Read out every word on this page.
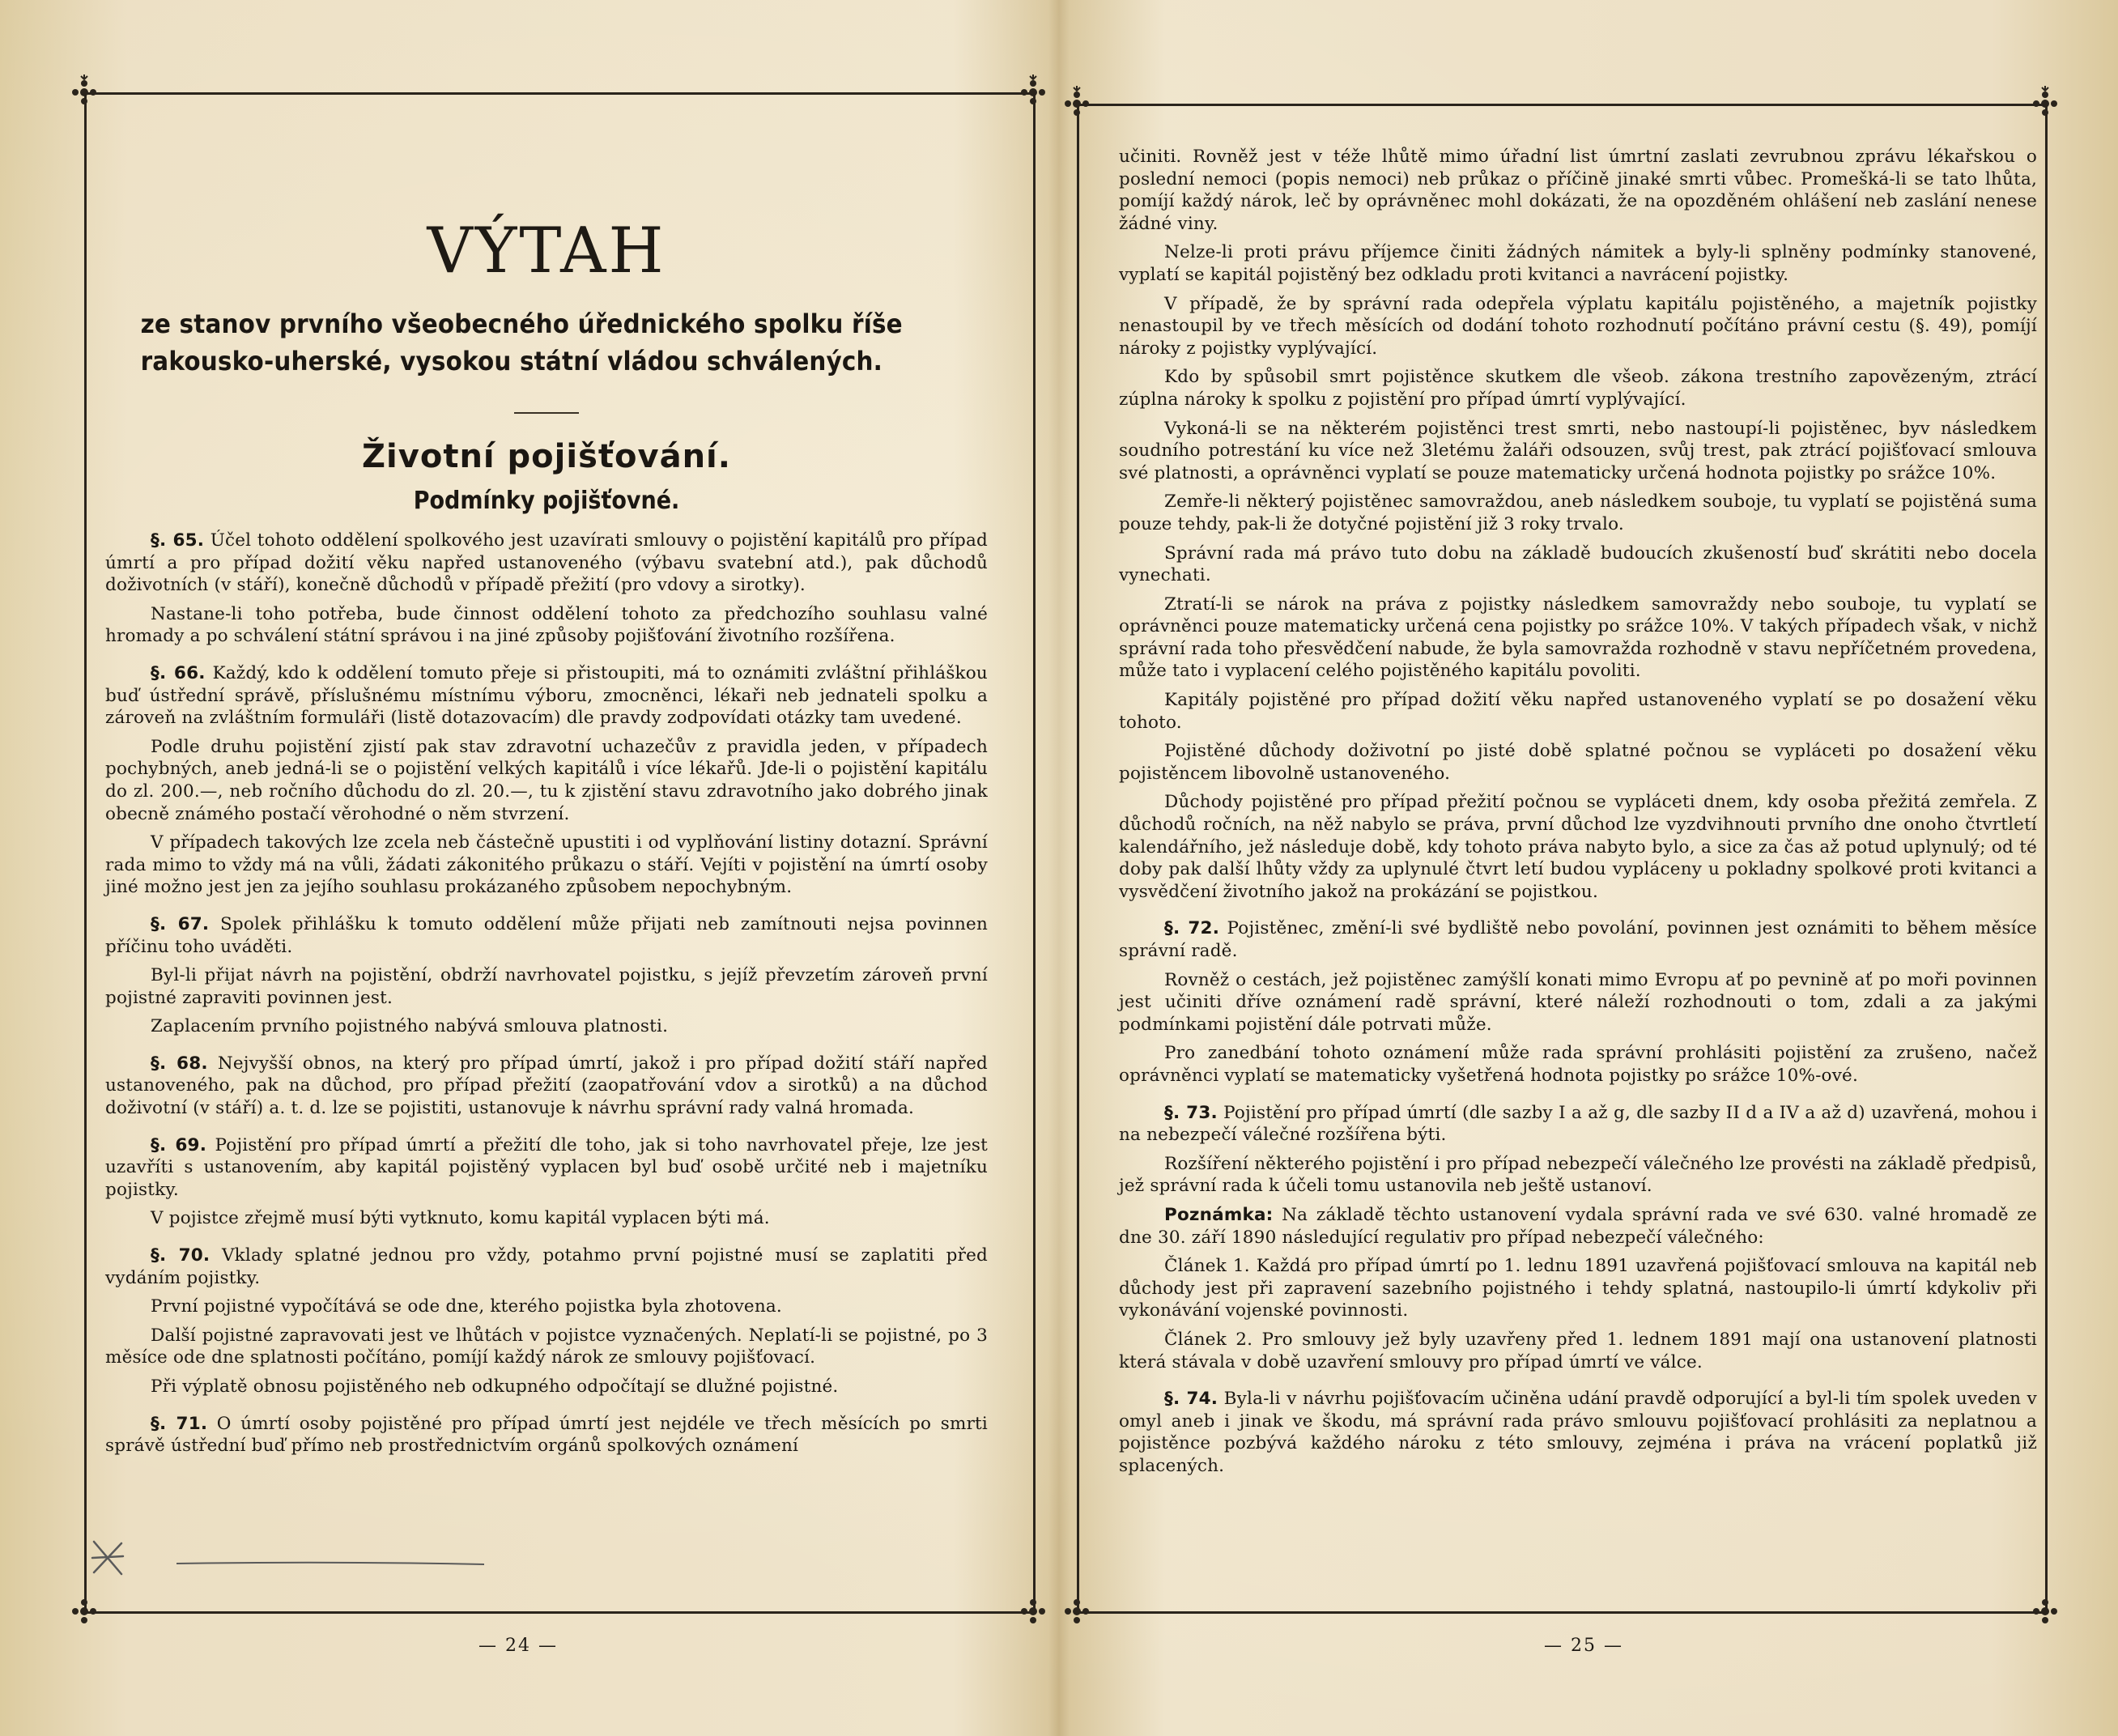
VÝTAH

ze stanov prvního všeobecného úřednického spolku říše

rakousko-uherské, vysokou státní vládou schválených.

Životní pojišťování.
Podmínky pojišťovné.

§. 65. Účel tohoto oddělení spolkového jest uzavírati smlouvy o pojistění kapitálů pro případ úmrtí a pro případ dožití věku napřed ustanoveného (výbavu svatební atd.), pak důchodů doživotních (v stáří), konečně důchodů v případě přežití (pro vdovy a sirotky).

Nastane-li toho potřeba, bude činnost oddělení tohoto za předchozího souhlasu valné hromady a po schválení státní správou i na jiné způsoby pojišťování životního rozšířena.

§. 66. Každý, kdo k oddělení tomuto přeje si přistoupiti, má to oznámiti zvláštní přihláškou buď ústřední správě, příslušnému místnímu výboru, zmocněnci, lékaři neb jednateli spolku a zároveň na zvláštním formuláři (listě dotazovacím) dle pravdy zodpovídati otázky tam uvedené.

Podle druhu pojistění zjistí pak stav zdravotní uchazečův z pravidla jeden, v případech pochybných, aneb jedná-li se o pojistění velkých kapitálů i více lékařů. Jde-li o pojistění kapitálu do zl. 200.—, neb ročního důchodu do zl. 20.—, tu k zjistění stavu zdravotního jako dobrého jinak obecně známého postačí věrohodné o něm stvrzení.

V případech takových lze zcela neb částečně upustiti i od vyplňování listiny dotazní. Správní rada mimo to vždy má na vůli, žádati zákonitého průkazu o stáří. Vejíti v pojistění na úmrtí osoby jiné možno jest jen za jejího souhlasu prokázaného způsobem nepochybným.

§. 67. Spolek přihlášku k tomuto oddělení může přijati neb zamítnouti nejsa povinnen příčinu toho uváděti.

Byl-li přijat návrh na pojistění, obdrží navrhovatel pojistku, s jejíž převzetím zároveň první pojistné zapraviti povinnen jest.

Zaplacením prvního pojistného nabývá smlouva platnosti.

§. 68. Nejvyšší obnos, na který pro případ úmrtí, jakož i pro případ dožití stáří napřed ustanoveného, pak na důchod, pro případ přežití (zaopatřování vdov a sirotků) a na důchod doživotní (v stáří) a. t. d. lze se pojistiti, ustanovuje k návrhu správní rady valná hromada.

§. 69. Pojistění pro případ úmrtí a přežití dle toho, jak si toho navrhovatel přeje, lze jest uzavříti s ustanovením, aby kapitál pojistěný vyplacen byl buď osobě určité neb i majetníku pojistky.

V pojistce zřejmě musí býti vytknuto, komu kapitál vyplacen býti má.

§. 70. Vklady splatné jednou pro vždy, potahmo první pojistné musí se zaplatiti před vydáním pojistky.

První pojistné vypočítává se ode dne, kterého pojistka byla zhotovena.

Další pojistné zapravovati jest ve lhůtách v pojistce vyznačených. Neplatí-li se pojistné, po 3 měsíce ode dne splatnosti počítáno, pomíjí každý nárok ze smlouvy pojišťovací.

Při výplatě obnosu pojistěného neb odkupného odpočítají se dlužné pojistné.

§. 71. O úmrtí osoby pojistěné pro případ úmrtí jest nejdéle ve třech měsících po smrti správě ústřední buď přímo neb prostřednictvím orgánů spolkových oznámení

— 24 —

učiniti. Rovněž jest v téže lhůtě mimo úřadní list úmrtní zaslati zevrubnou zprávu lékařskou o poslední nemoci (popis nemoci) neb průkaz o příčině jinaké smrti vůbec. Promešká-li se tato lhůta, pomíjí každý nárok, leč by oprávněnec mohl dokázati, že na opozděném ohlášení neb zaslání nenese žádné viny.

Nelze-li proti právu příjemce činiti žádných námitek a byly-li splněny podmínky stanovené, vyplatí se kapitál pojistěný bez odkladu proti kvitanci a navrácení pojistky.

V případě, že by správní rada odepřela výplatu kapitálu pojistěného, a majetník pojistky nenastoupil by ve třech měsících od dodání tohoto rozhodnutí počítáno právní cestu (§. 49), pomíjí nároky z pojistky vyplývající.

Kdo by spůsobil smrt pojistěnce skutkem dle všeob. zákona trestního zapovězeným, ztrácí zúplna nároky k spolku z pojistění pro případ úmrtí vyplývající.

Vykoná-li se na některém pojistěnci trest smrti, nebo nastoupí-li pojistěnec, byv následkem soudního potrestání ku více než 3letému žaláři odsouzen, svůj trest, pak ztrácí pojišťovací smlouva své platnosti, a oprávněnci vyplatí se pouze matematicky určená hodnota pojistky po srážce 10%.

Zemře-li některý pojistěnec samovraždou, aneb následkem souboje, tu vyplatí se pojistěná suma pouze tehdy, pak-li že dotyčné pojistění již 3 roky trvalo.

Správní rada má právo tuto dobu na základě budoucích zkušeností buď skrátiti nebo docela vynechati.

Ztratí-li se nárok na práva z pojistky následkem samovraždy nebo souboje, tu vyplatí se oprávněnci pouze matematicky určená cena pojistky po srážce 10%. V takých případech však, v nichž správní rada toho přesvědčení nabude, že byla samovražda rozhodně v stavu nepříčetném provedena, může tato i vyplacení celého pojistěného kapitálu povoliti.

Kapitály pojistěné pro případ dožití věku napřed ustanoveného vyplatí se po dosažení věku tohoto.

Pojistěné důchody doživotní po jisté době splatné počnou se vypláceti po dosažení věku pojistěncem libovolně ustanoveného.

Důchody pojistěné pro případ přežití počnou se vypláceti dnem, kdy osoba přežitá zemřela. Z důchodů ročních, na něž nabylo se práva, první důchod lze vyzdvihnouti prvního dne onoho čtvrtletí kalendářního, jež následuje době, kdy tohoto práva nabyto bylo, a sice za čas až potud uplynulý; od té doby pak další lhůty vždy za uplynulé čtvrt letí budou vypláceny u pokladny spolkové proti kvitanci a vysvědčení životního jakož na prokázání se pojistkou.

§. 72. Pojistěnec, změní-li své bydliště nebo povolání, povinnen jest oznámiti to během měsíce správní radě.

Rovněž o cestách, jež pojistěnec zamýšlí konati mimo Evropu ať po pevnině ať po moři povinnen jest učiniti dříve oznámení radě správní, které náleží rozhodnouti o tom, zdali a za jakými podmínkami pojistění dále potrvati může.

Pro zanedbání tohoto oznámení může rada správní prohlásiti pojistění za zrušeno, načež oprávněnci vyplatí se matematicky vyšetřená hodnota pojistky po srážce 10%-ové.

§. 73. Pojistění pro případ úmrtí (dle sazby I a až g, dle sazby II d a IV a až d) uzavřená, mohou i na nebezpečí válečné rozšířena býti.

Rozšíření některého pojistění i pro případ nebezpečí válečného lze provésti na základě předpisů, jež správní rada k účeli tomu ustanovila neb ještě ustanoví.

Poznámka: Na základě těchto ustanovení vydala správní rada ve své 630. valné hromadě ze dne 30. září 1890 následující regulativ pro případ nebezpečí válečného:

Článek 1. Každá pro případ úmrtí po 1. lednu 1891 uzavřená pojišťovací smlouva na kapitál neb důchody jest při zapravení sazebního pojistného i tehdy splatná, nastoupilo-li úmrtí kdykoliv při vykonávání vojenské povinnosti.

Článek 2. Pro smlouvy jež byly uzavřeny před 1. lednem 1891 mají ona ustanovení platnosti která stávala v době uzavření smlouvy pro případ úmrtí ve válce.

§. 74. Byla-li v návrhu pojišťovacím učiněna udání pravdě odporující a byl-li tím spolek uveden v omyl aneb i jinak ve škodu, má správní rada právo smlouvu pojišťovací prohlásiti za neplatnou a pojistěnce pozbývá každého nároku z této smlouvy, zejména i práva na vrácení poplatků již splacených.

— 25 —
